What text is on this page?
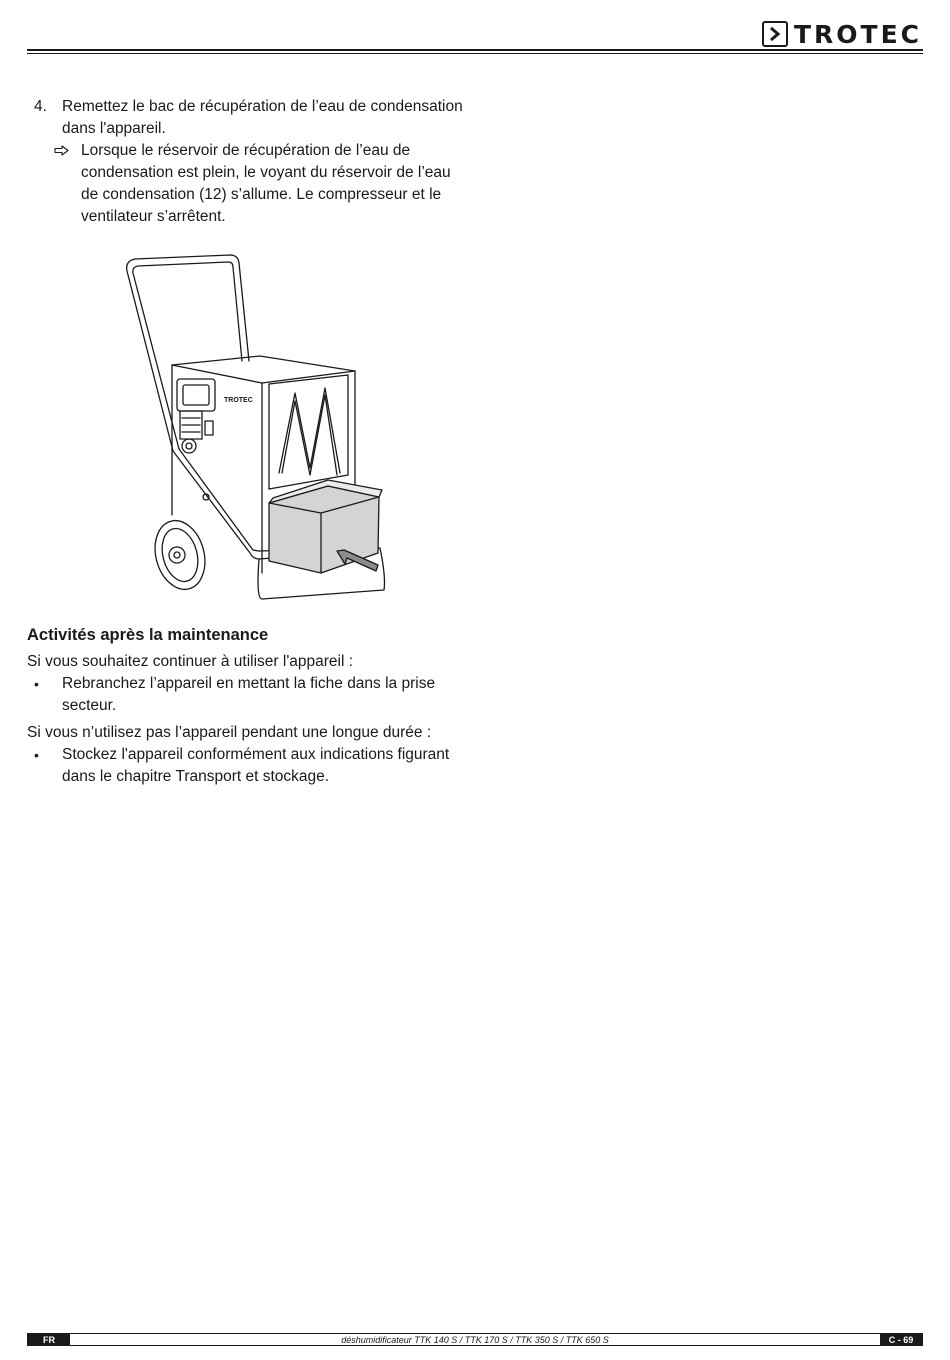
TROTEC
4. Remettez le bac de récupération de l’eau de condensation dans l'appareil.
Lorsque le réservoir de récupération de l’eau de condensation est plein, le voyant du réservoir de l’eau de condensation (12) s’allume. Le compresseur et le ventilateur s’arrêtent.
TROTEC
Activités après la maintenance

Si vous souhaitez continuer à utiliser l'appareil :

•	Rebranchez l’appareil en mettant la fiche dans la prise secteur.

Si vous n’utilisez pas l’appareil pendant une longue durée :

•	Stockez l'appareil conformément aux indications figurant dans le chapitre Transport et stockage.
FR	déshumidificateur TTK 140 S / TTK 170 S / TTK 350 S / TTK 650 S	C - 69
